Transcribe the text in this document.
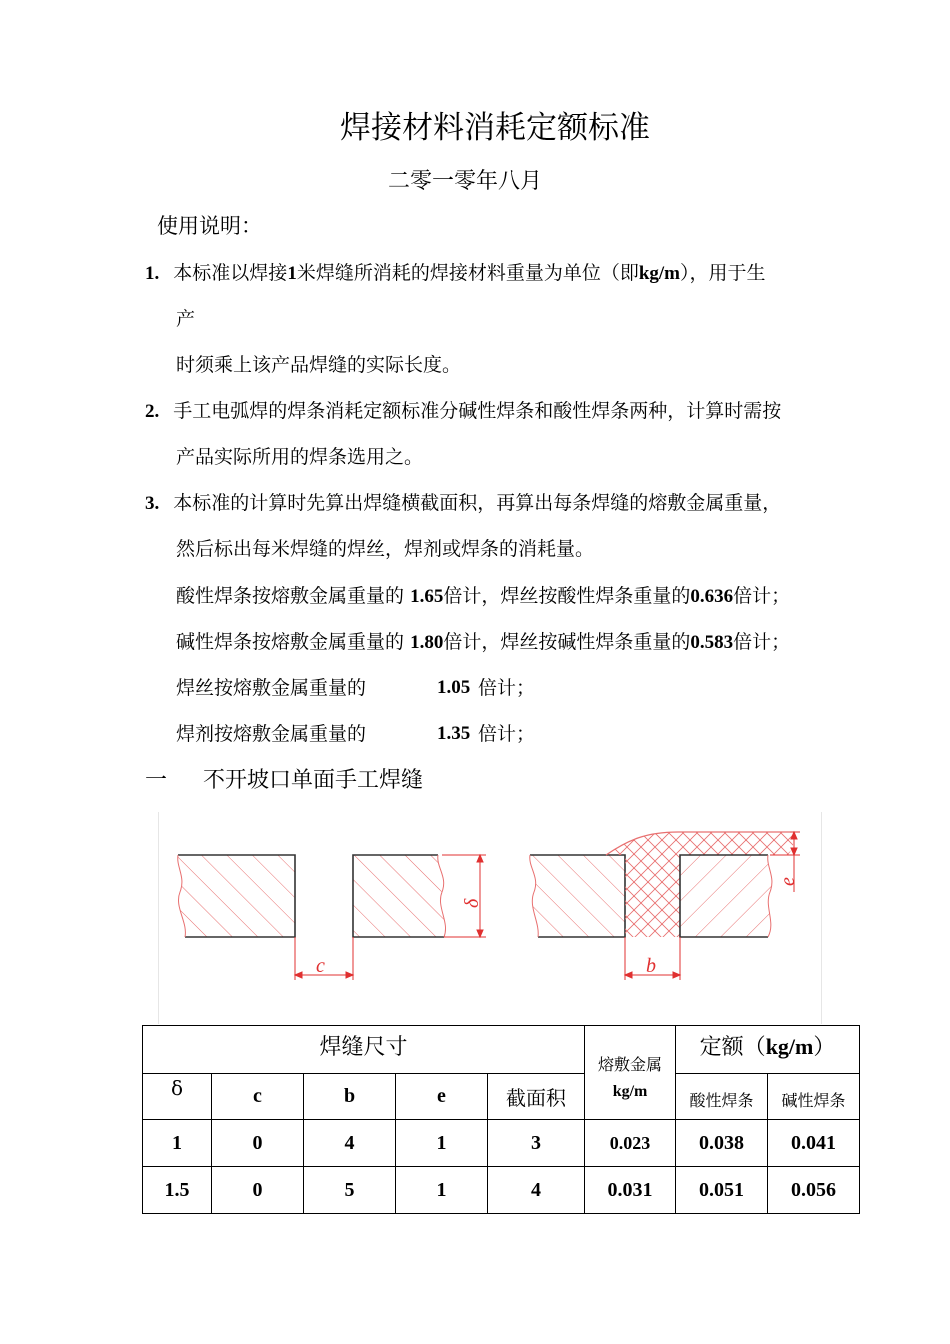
焊接材料消耗定额标准
二零一零年八月
使用说明：
1. 本标准以焊接1米焊缝所消耗的焊接材料重量为单位（即kg/m），用于生
产
时须乘上该产品焊缝的实际长度。
2. 手工电弧焊的焊条消耗定额标准分碱性焊条和酸性焊条两种，计算时需按
产品实际所用的焊条选用之。
3. 本标准的计算时先算出焊缝横截面积，再算出每条焊缝的熔敷金属重量，
然后标出每米焊缝的焊丝，焊剂或焊条的消耗量。
酸性焊条按熔敷金属重量的 1.65倍计，焊丝按酸性焊条重量的0.636倍计；
碱性焊条按熔敷金属重量的 1.80倍计，焊丝按碱性焊条重量的0.583倍计；
焊丝按熔敷金属重量的	1.05 倍计；
焊剂按熔敷金属重量的	1.35 倍计；
一 不开坡口单面手工焊缝
c
δ
b
e
焊缝尺寸					熔敷金属
kg/m	定额（kg/m）	
δ	c	b	e	截面积		酸性焊条	碱性焊条
1	0	4	1	3	0.023	0.038	0.041
1.5	0	5	1	4	0.031	0.051	0.056
